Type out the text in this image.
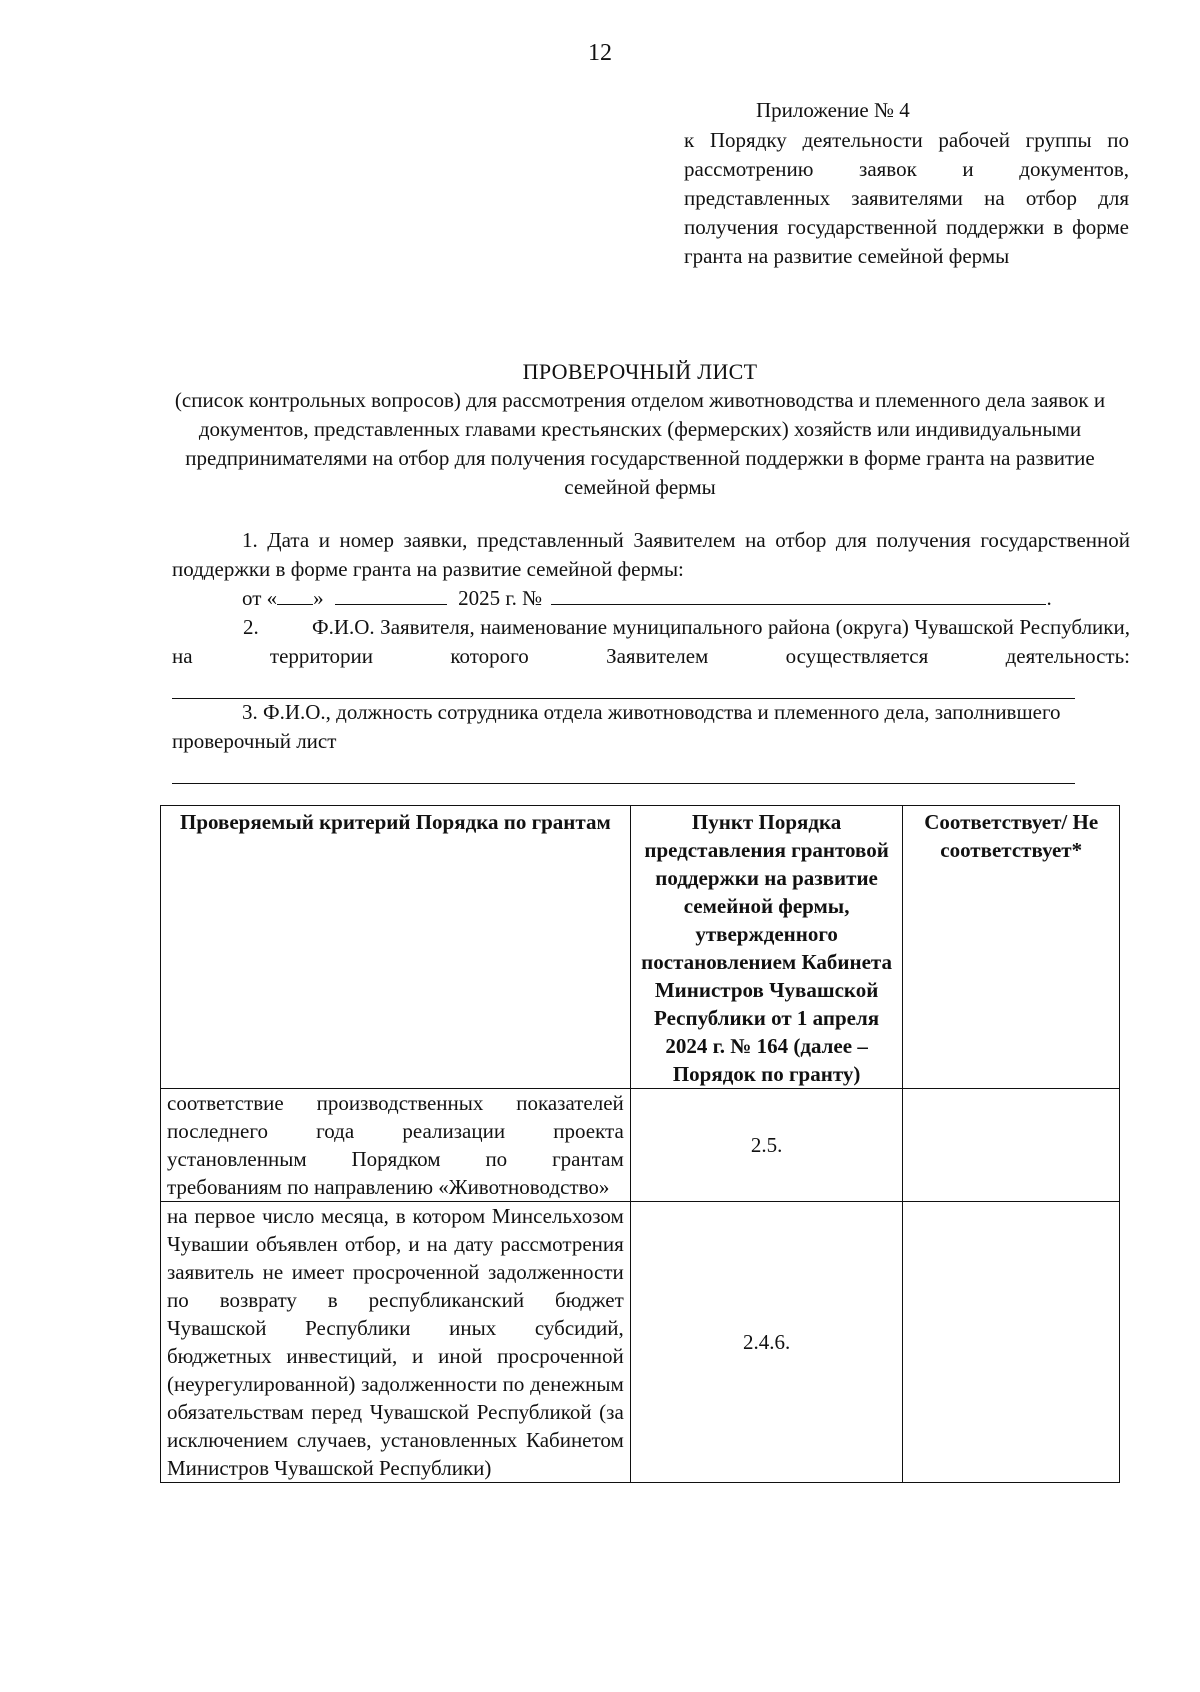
12
Приложение № 4
к Порядку деятельности рабочей группы по рассмотрению заявок и документов, представленных заявителями на отбор для получения государственной поддержки в форме гранта на развитие семейной фермы
ПРОВЕРОЧНЫЙ ЛИСТ
(список контрольных вопросов) для рассмотрения отделом животноводства и племенного дела заявок и документов, представленных главами крестьянских (фермерских) хозяйств или индивидуальными предпринимателями на отбор для получения государственной поддержки в форме гранта на развитие семейной фермы
1. Дата и номер заявки, представленный Заявителем на отбор для получения государственной поддержки в форме гранта на развитие семейной фермы:
от « »	2025 г. №	.
2.	Ф.И.О. Заявителя, наименование муниципального района (округа) Чувашской Республики, на территории которого Заявителем осуществляется деятельность:
3. Ф.И.О., должность сотрудника отдела животноводства и племенного дела, заполнившего проверочный лист
Проверяемый критерий Порядка по грантам	Пункт Порядка представления грантовой поддержки на развитие семейной фермы, утвержденного постановлением Кабинета Министров Чувашской Республики от 1 апреля 2024 г. № 164 (далее – Порядок по гранту)	Соответствует/ Не соответствует*
соответствие производственных показателей последнего года реализации проекта установленным Порядком по грантам требованиям по направлению «Животноводство»	2.5.	
на первое число месяца, в котором Минсельхозом Чувашии объявлен отбор, и на дату рассмотрения заявитель не имеет просроченной задолженности по возврату в республиканский бюджет Чувашской Республики иных субсидий, бюджетных инвестиций, и иной просроченной (неурегулированной) задолженности по денежным обязательствам перед Чувашской Республикой (за исключением случаев, установленных Кабинетом Министров Чувашской Республики)	2.4.6.	
